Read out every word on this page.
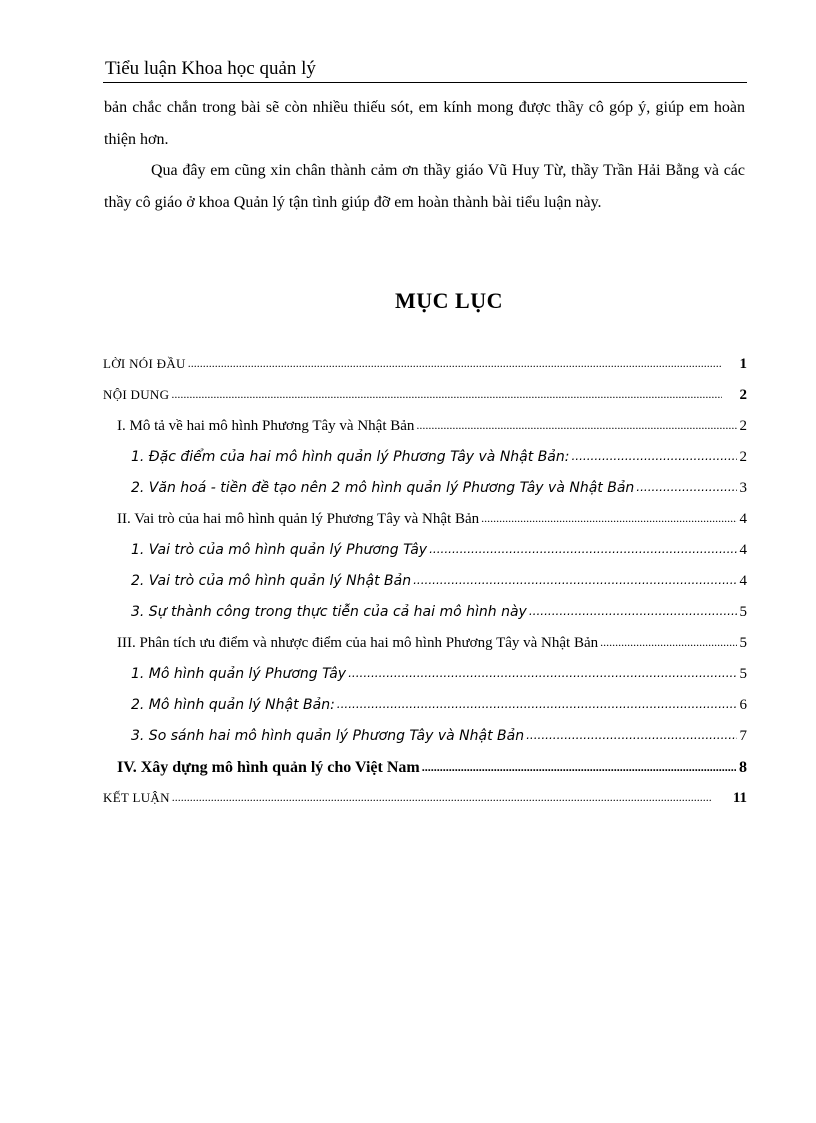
Tiểu luận Khoa học quản lý
bản chắc chắn trong bài sẽ còn nhiều thiếu sót, em kính mong được thầy cô góp ý, giúp em hoàn thiện hơn.
Qua đây em cũng xin chân thành cảm ơn thầy giáo Vũ Huy Từ, thầy Trần Hải Bằng và các thầy cô giáo ở khoa Quản lý tận tình giúp đỡ em hoàn thành bài tiểu luận này.
MỤC LỤC
LỜI NÓI ĐẦU .....	1
NỘI DUNG .....	2
I. Mô tả về hai mô hình Phương Tây và Nhật Bản .....	2
1. Đặc điểm của hai mô hình quản lý Phương Tây và Nhật Bản: .....	2
2. Văn hoá - tiền đề tạo nên 2 mô hình quản lý Phương Tây và Nhật Bản .....	3
II. Vai trò của hai mô hình quản lý Phương Tây và Nhật Bản .....	4
1. Vai trò của mô hình quản lý Phương Tây .....	4
2. Vai trò của mô hình quản lý Nhật Bản .....	4
3. Sự thành công trong thực tiễn của cả hai mô hình này .....	5
III. Phân tích ưu điểm và nhược điểm của hai mô hình Phương Tây và Nhật Bản .....	5
1. Mô hình quản lý Phương Tây .....	5
2. Mô hình quản lý Nhật Bản: .....	6
3. So sánh hai mô hình quản lý Phương Tây và Nhật Bản .....	7
IV. Xây dựng mô hình quản lý cho Việt Nam .....	8
KẾT LUẬN .....	11
